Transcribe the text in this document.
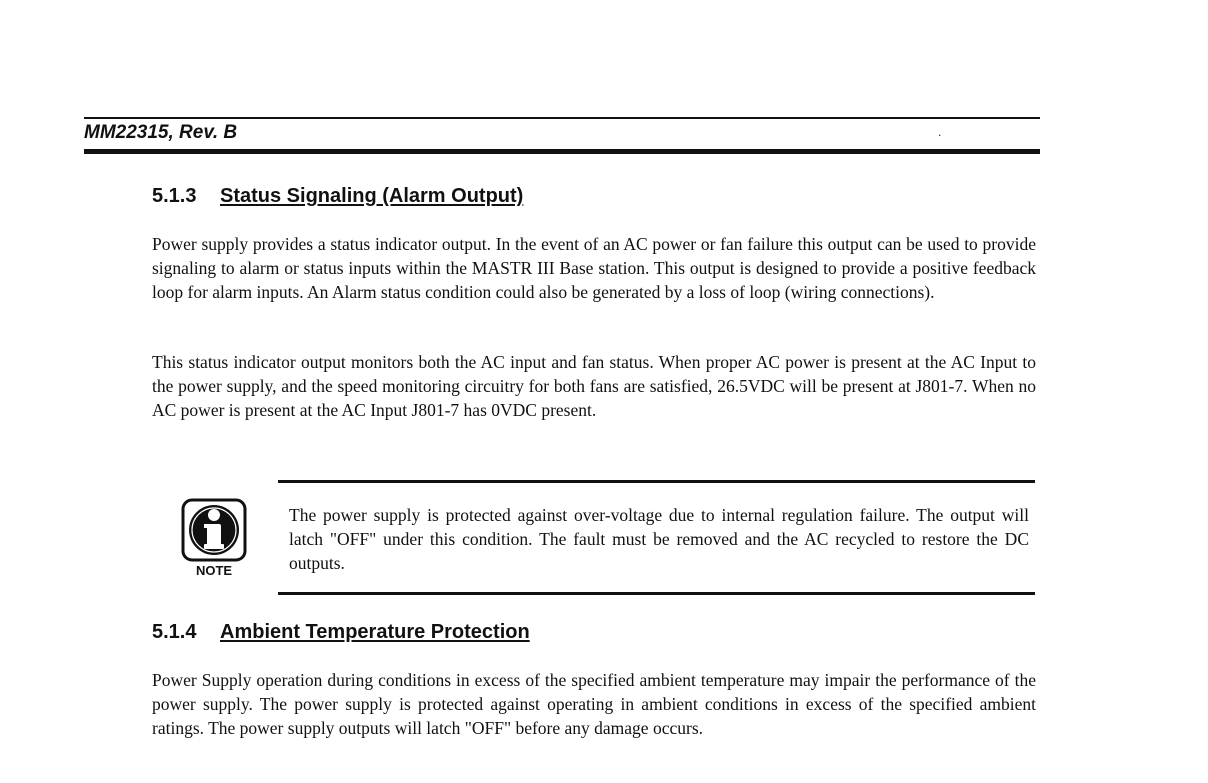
MM22315, Rev. B	.
5.1.3 Status Signaling (Alarm Output)
Power supply provides a status indicator output. In the event of an AC power or fan failure this output can be used to provide signaling to alarm or status inputs within the MASTR III Base station. This output is designed to provide a positive feedback loop for alarm inputs. An Alarm status condition could also be generated by a loss of loop (wiring connections).
This status indicator output monitors both the AC input and fan status. When proper AC power is present at the AC Input to the power supply, and the speed monitoring circuitry for both fans are satisfied, 26.5VDC will be present at J801-7. When no AC power is present at the AC Input J801-7 has 0VDC present.
NOTE
The power supply is protected against over-voltage due to internal regulation failure. The output will latch "OFF" under this condition. The fault must be removed and the AC recycled to restore the DC outputs.
5.1.4 Ambient Temperature Protection
Power Supply operation during conditions in excess of the specified ambient temperature may impair the performance of the power supply. The power supply is protected against operating in ambient conditions in excess of the specified ambient ratings. The power supply outputs will latch "OFF" before any damage occurs.
